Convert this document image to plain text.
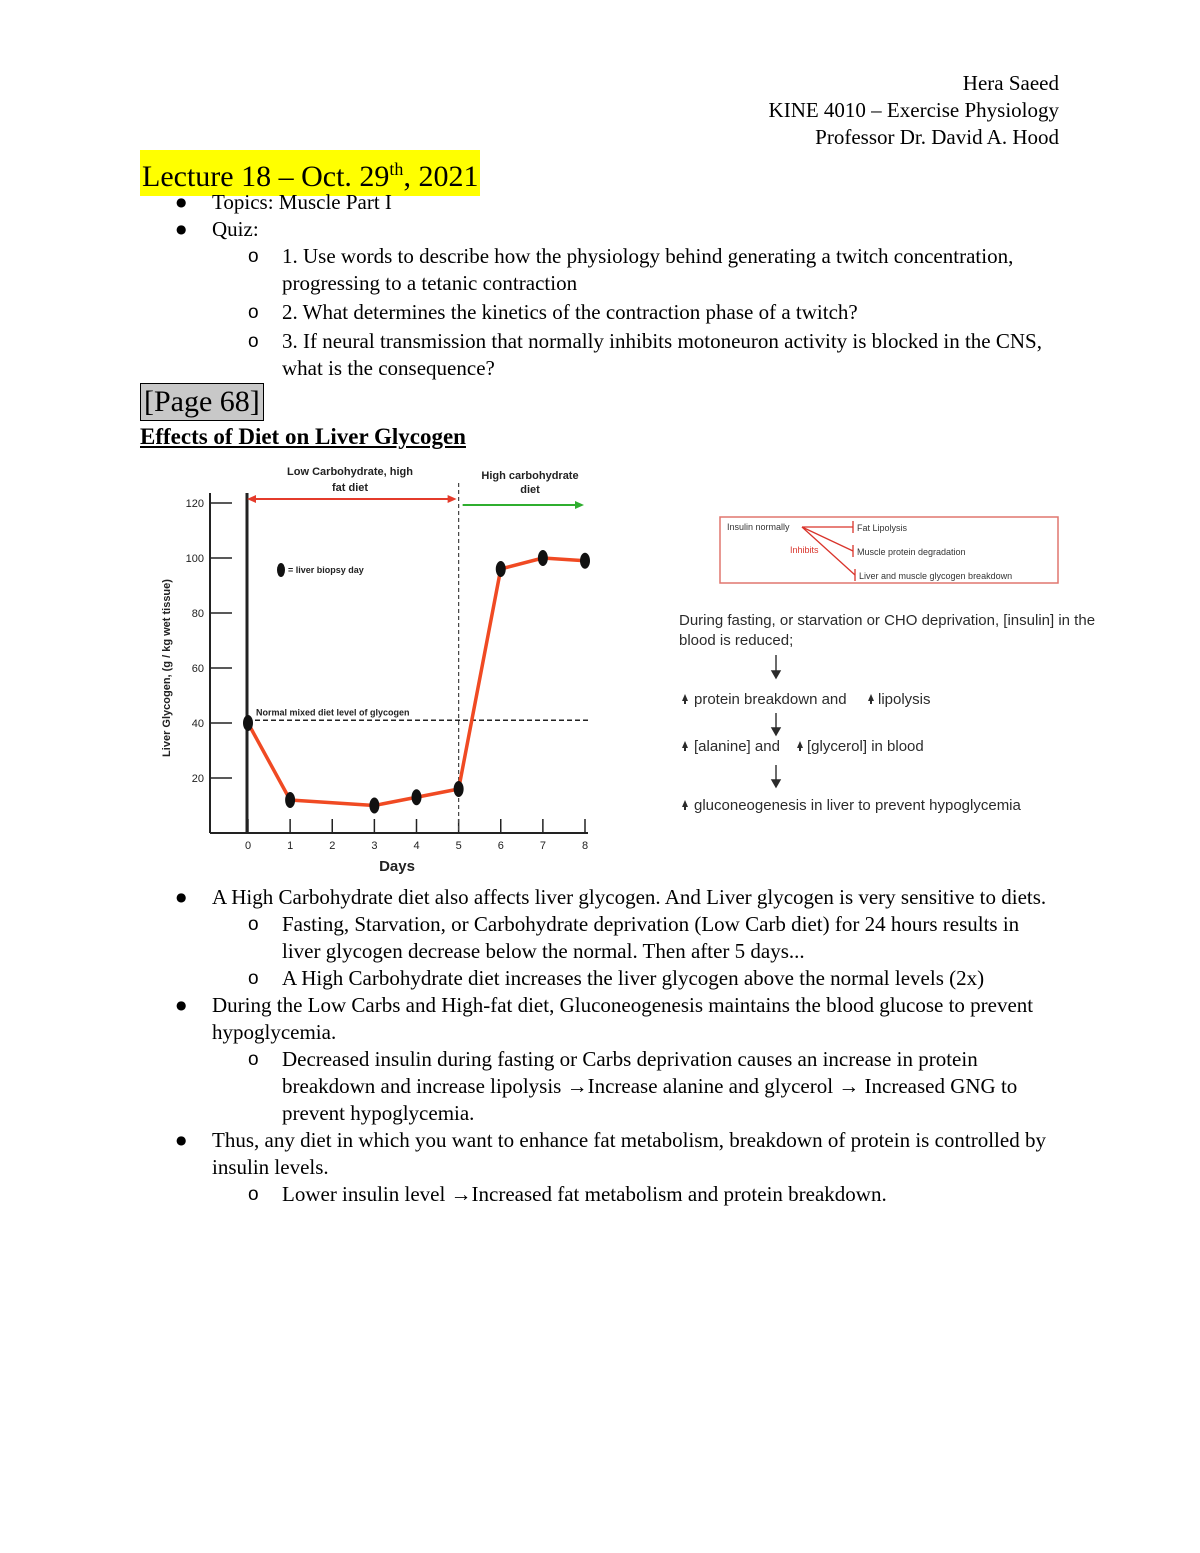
Hera Saeed
KINE 4010 – Exercise Physiology
Professor Dr. David A. Hood
Lecture 18 – Oct. 29th, 2021
● Topics: Muscle Part I
● Quiz:
o 1. Use words to describe how the physiology behind generating a twitch concentration, progressing to a tetanic contraction
o 2. What determines the kinetics of the contraction phase of a twitch?
o 3. If neural transmission that normally inhibits motoneuron activity is blocked in the CNS, what is the consequence?
[Page 68]
Effects of Diet on Liver Glycogen
20
40
60
80
100
120
0	1	2	3	4	5	6	7	8
Days
Liver Glycogen, (g / kg wet tissue)	Normal mixed diet level of glycogen
Low Carbohydrate, high
fat diet
High carbohydrate
diet
= liver biopsy day
Insulin normally
Inhibits
Fat Lipolysis
Muscle protein degradation
Liver and muscle glycogen breakdown
During fasting, or starvation or CHO deprivation, [insulin] in the
blood is reduced;
protein breakdown and lipolysis
[alanine] and [glycerol] in blood
gluconeogenesis in liver to prevent hypoglycemia
● A High Carbohydrate diet also affects liver glycogen. And Liver glycogen is very sensitive to diets.
o Fasting, Starvation, or Carbohydrate deprivation (Low Carb diet) for 24 hours results in liver glycogen decrease below the normal. Then after 5 days...
o A High Carbohydrate diet increases the liver glycogen above the normal levels (2x)
● During the Low Carbs and High-fat diet, Gluconeogenesis maintains the blood glucose to prevent hypoglycemia.
o Decreased insulin during fasting or Carbs deprivation causes an increase in protein breakdown and increase lipolysis →Increase alanine and glycerol → Increased GNG to prevent hypoglycemia.
● Thus, any diet in which you want to enhance fat metabolism, breakdown of protein is controlled by insulin levels.
o Lower insulin level →Increased fat metabolism and protein breakdown.
